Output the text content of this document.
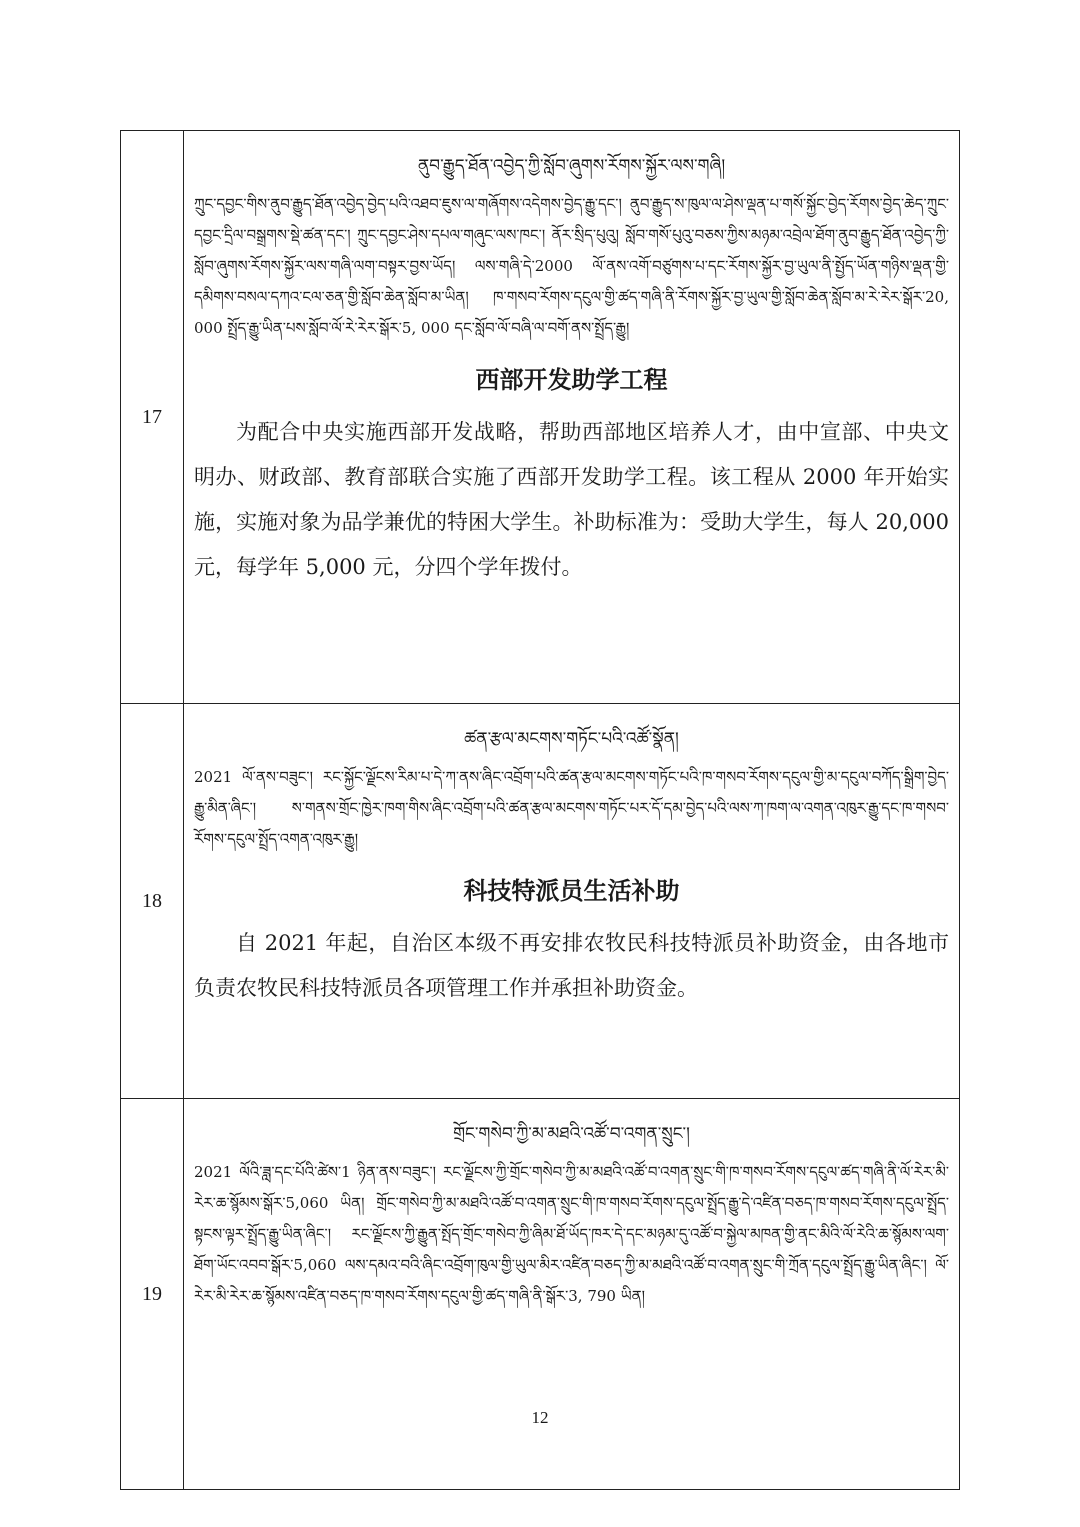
17	ནུབ་རྒྱུད་ཐོན་འབྱེད་ཀྱི་སློབ་ཞུགས་རོགས་སྐྱོར་ལས་གཞི།
ཀྲུང་དབྱང་གིས་ནུབ་རྒྱུད་ཐོན་འབྱེད་བྱེད་པའི་འཐབ་ཇུས་ལ་གཞོགས་འདེགས་བྱེད་རྒྱུ་དང་། ནུབ་རྒྱུད་ས་ཁུལ་ལ་ཤེས་ལྡན་པ་གསོ་སྐྱོང་བྱེད་རོགས་བྱེད་ཆེད་ཀྲུང་དབྱང་དྲིལ་བསྒྲགས་སྡེ་ཚན་དང་། ཀྲུང་དབྱང་ཤེས་དཔལ་གཞུང་ལས་ཁང་། ནོར་སྲིད་པུའུ། སློབ་གསོ་པུའུ་བཅས་ཀྱིས་མཉམ་འབྲེལ་ཐོག་ནུབ་རྒྱུད་ཐོན་འབྱེད་ཀྱི་སློབ་ཞུགས་རོགས་སྐྱོར་ལས་གཞི་ལག་བསྟར་བྱས་ཡོད། ལས་གཞི་དེ་2000 ལོ་ནས་འགོ་བཙུགས་པ་དང་རོགས་སྐྱོར་བྱ་ཡུལ་ནི་སྤྱོད་ཡོན་གཉིས་ལྡན་གྱི་དམིགས་བསལ་དཀའ་ངལ་ཅན་གྱི་སློབ་ཆེན་སློབ་མ་ཡིན། ཁ་གསབ་རོགས་དངུལ་གྱི་ཚད་གཞི་ནི་རོགས་སྐྱོར་བྱ་ཡུལ་གྱི་སློབ་ཆེན་སློབ་མ་རེ་རེར་སྒོར་20, 000 སྤྲོད་རྒྱུ་ཡིན་པས་སློབ་ལོ་རེ་རེར་སྒོར་5, 000 དང་སློབ་ལོ་བཞི་ལ་བགོ་ནས་སྤྲོད་རྒྱུ།
西部开发助学工程

为配合中央实施西部开发战略，帮助西部地区培养人才，由中宣部、中央文明办、财政部、教育部联合实施了西部开发助学工程。该工程从 2000 年开始实施，实施对象为品学兼优的特困大学生。补助标准为：受助大学生，每人 20,000 元，每学年 5,000 元，分四个学年拨付。

18	ཚན་རྩལ་མངགས་གཏོང་པའི་འཚོ་སྣོན།
2021 ལོ་ནས་བཟུང་། རང་སྐྱོང་ལྗོངས་རིམ་པ་དེ་ཀ་ནས་ཞིང་འབྲོག་པའི་ཚན་རྩལ་མངགས་གཏོང་པའི་ཁ་གསབ་རོགས་དངུལ་གྱི་མ་དངུལ་བཀོད་སྒྲིག་བྱེད་རྒྱུ་མིན་ཞིང་། ས་གནས་གྲོང་ཁྱེར་ཁག་གིས་ཞིང་འབྲོག་པའི་ཚན་རྩལ་མངགས་གཏོང་པར་དོ་དམ་བྱེད་པའི་ལས་ཀ་ཁག་ལ་འགན་འཁུར་རྒྱུ་དང་ཁ་གསབ་རོགས་དངུལ་སྤྲོད་འགན་འཁུར་རྒྱུ།
科技特派员生活补助

自 2021 年起，自治区本级不再安排农牧民科技特派员补助资金，由各地市负责农牧民科技特派员各项管理工作并承担补助资金。

19	གྲོང་གསེབ་ཀྱི་མ་མཐའི་འཚོ་བ་འགན་སྲུང་།
2021 ལོའི་ཟླ་དང་པོའི་ཚེས་1 ཉིན་ནས་བཟུང་། རང་ལྗོངས་ཀྱི་གྲོང་གསེབ་ཀྱི་མ་མཐའི་འཚོ་བ་འགན་སྲུང་གི་ཁ་གསབ་རོགས་དངུལ་ཚད་གཞི་ནི་ལོ་རེར་མི་རེར་ཆ་སྙོམས་སྒོར་5,060 ཡིན། གྲོང་གསེབ་ཀྱི་མ་མཐའི་འཚོ་བ་འགན་སྲུང་གི་ཁ་གསབ་རོགས་དངུལ་སྤྲོད་རྒྱུ་དེ་འཛིན་བཅད་ཁ་གསབ་རོགས་དངུལ་སྤྲོད་སྟངས་ལྟར་སྤྲོད་རྒྱུ་ཡིན་ཞིང་། རང་ལྗོངས་ཀྱི་རྒྱུན་སྤོད་གྲོང་གསེབ་ཀྱི་ཞིམ་ཐོ་ཡོད་ཁར་དེ་དང་མཉམ་དུ་འཚོ་བ་སྐྱེལ་མཁན་གྱི་ནང་མིའི་ལོ་རེའི་ཆ་སྙོམས་ལག་ཐོག་ཡོང་འབབ་སྒོར་5,060 ལས་དམའ་བའི་ཞིང་འབྲོག་ཁུལ་གྱི་ཡུལ་མིར་འཛིན་བཅད་ཀྱི་མ་མཐའི་འཚོ་བ་འགན་སྲུང་གི་ཀྲོན་དངུལ་སྤྲོད་རྒྱུ་ཡིན་ཞིང་། ལོ་རེར་མི་རེར་ཆ་སྙོམས་འཛིན་བཅད་ཁ་གསབ་རོགས་དངུལ་གྱི་ཚད་གཞི་ནི་སྒོར་3, 790 ཡིན།
12
